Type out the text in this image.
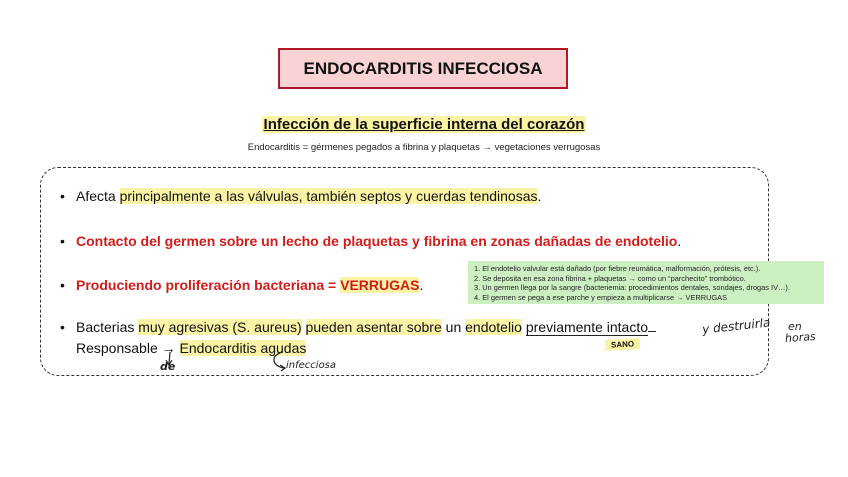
ENDOCARDITIS INFECCIOSA
Infección de la superficie interna del corazón
Endocarditis = gérmenes pegados a fibrina y plaquetas → vegetaciones verrugosas
• Afecta principalmente a las válvulas, también septos y cuerdas tendinosas.
• Contacto del germen sobre un lecho de plaquetas y fibrina en zonas dañadas de endotelio.
• Produciendo proliferación bacteriana = VERRUGAS.
1. El endotelio valvular está dañado (por fiebre reumática, malformación, prótesis, etc.).
2. Se deposita en esa zona fibrina + plaquetas → como un “parchecito” trombótico.
3. Un germen llega por la sangre (bacteriemia: procedimientos dentales, sondajes, drogas IV…).
4. El germen se pega a ese parche y empieza a multiplicarse → VERRUGAS
• Bacterias muy agresivas (S. aureus) pueden asentar sobre un endotelio previamente intacto
Responsable → Endocarditis agudas
y destruirla en
horas
SANO
de	infecciosa
